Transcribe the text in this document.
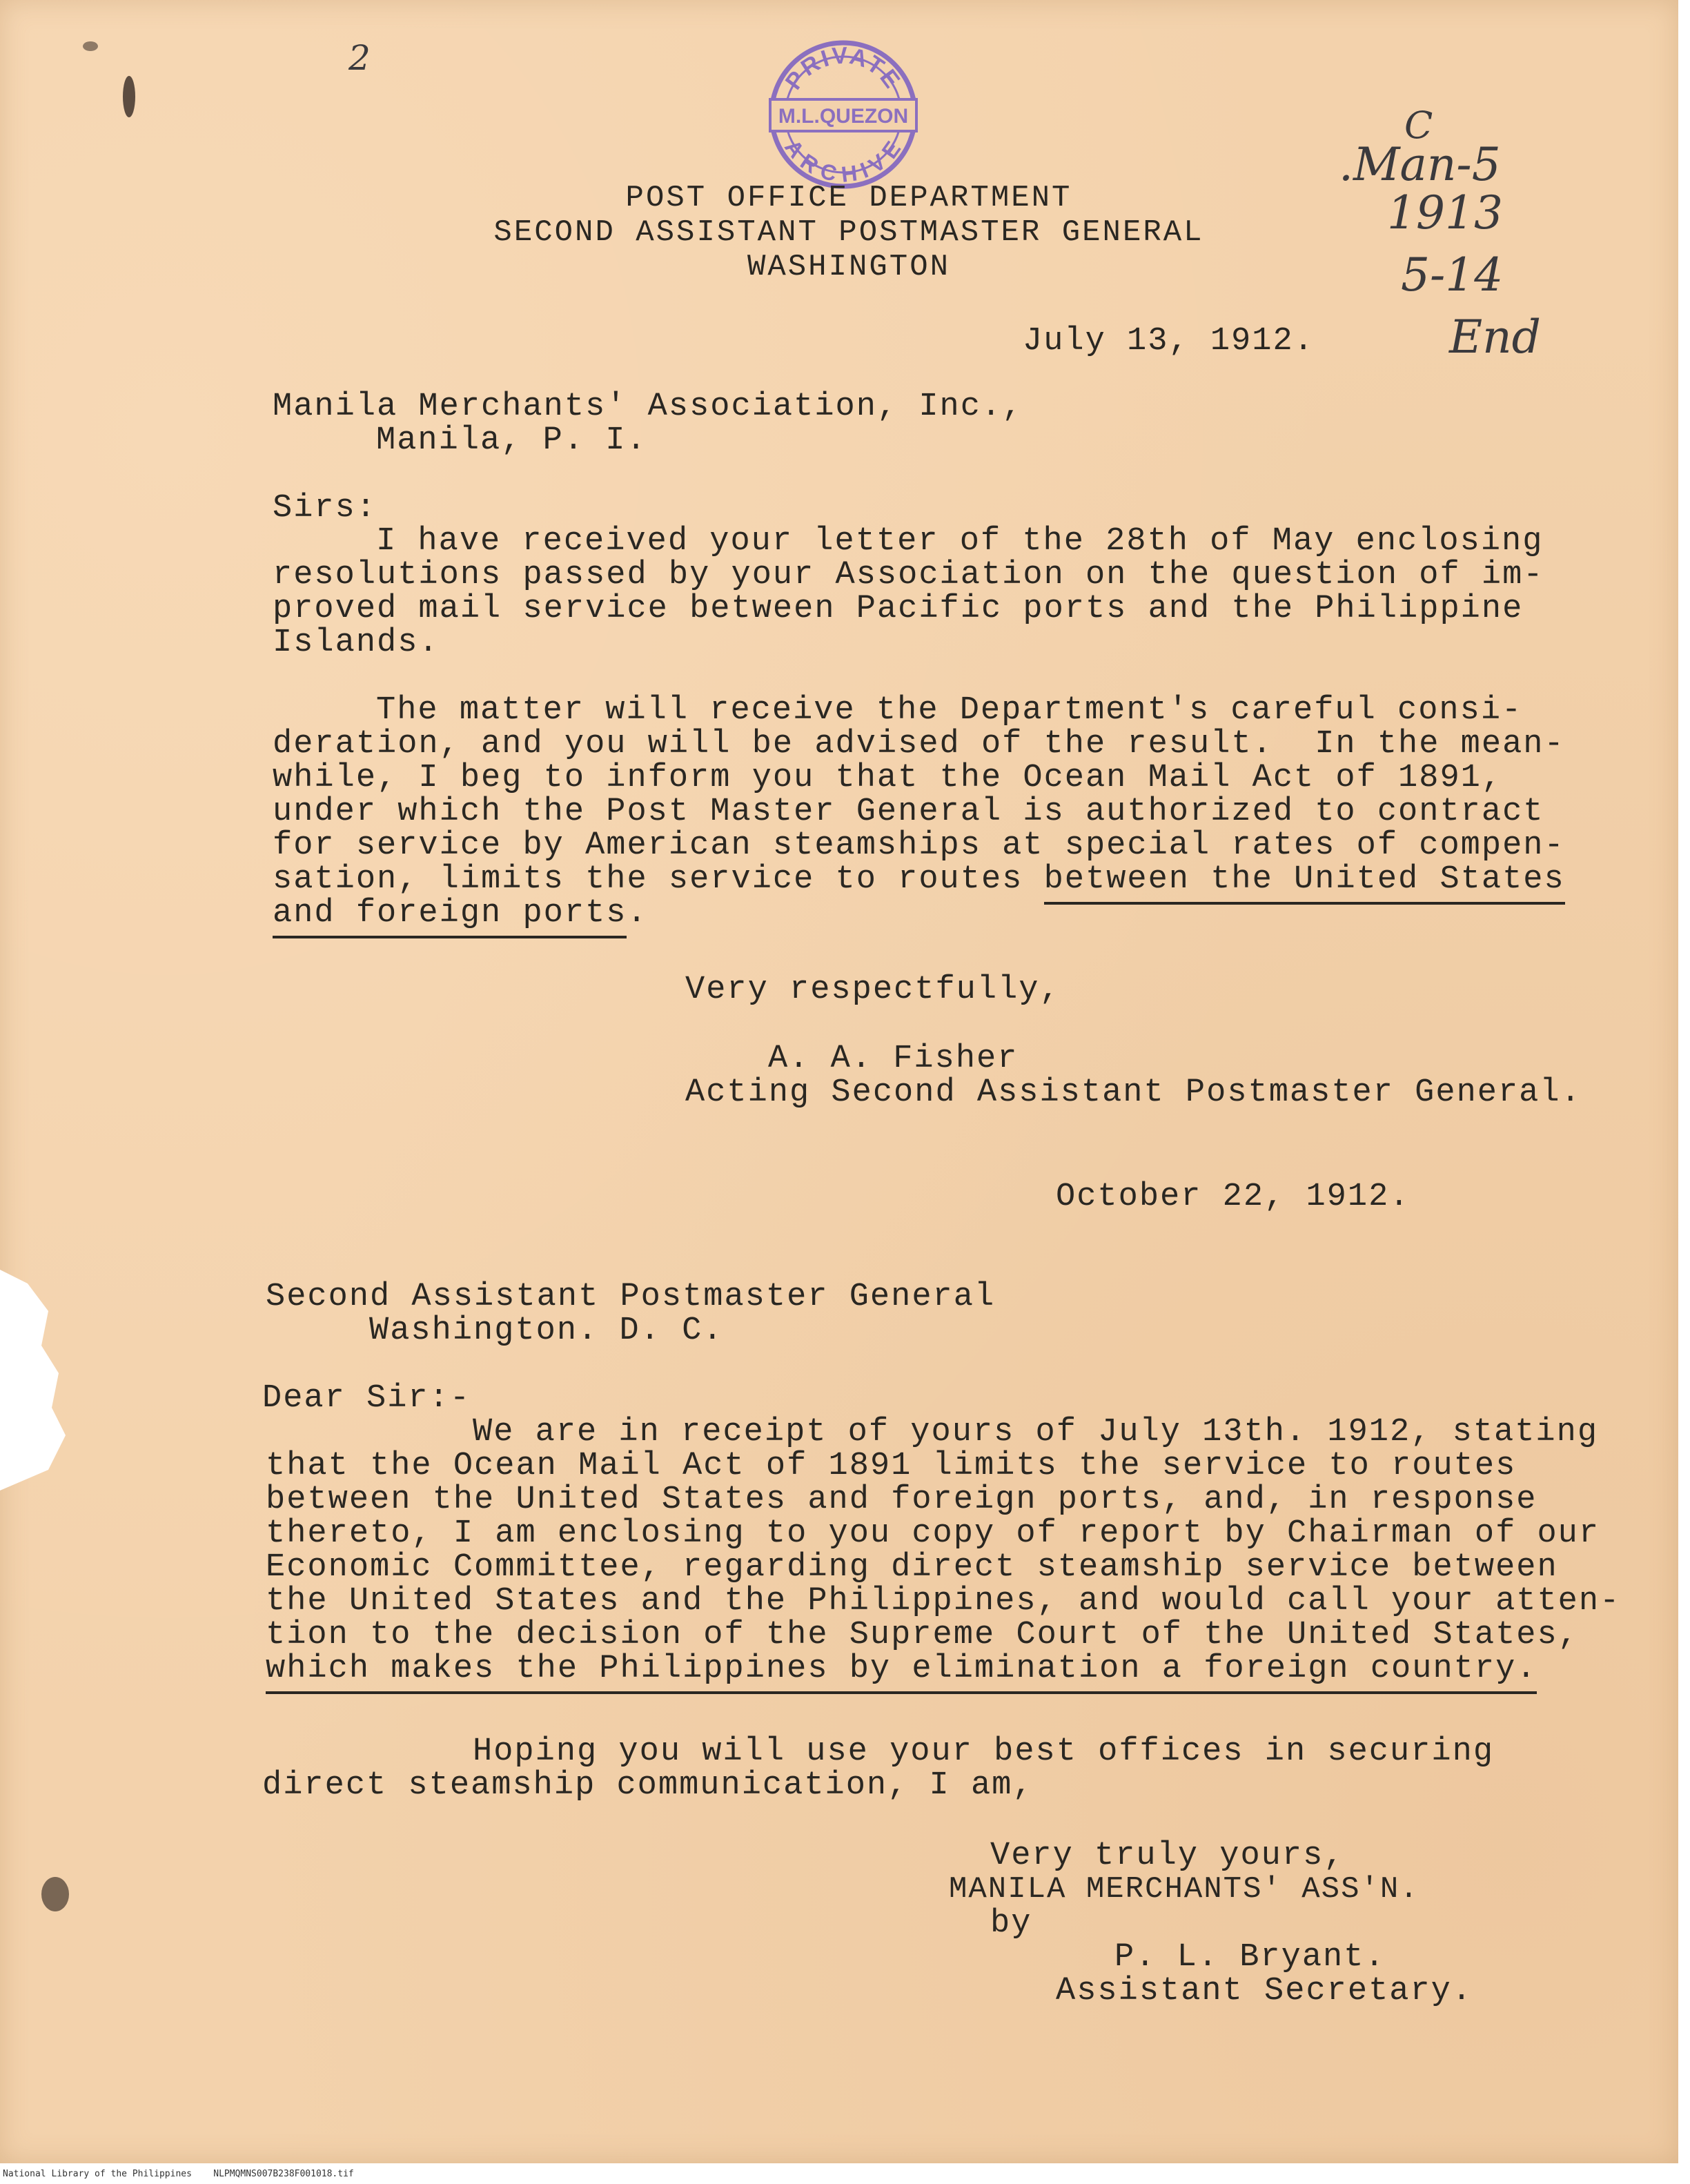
PRIVATE
M.L.QUEZON
ARCHIVE
2
C
.Man-5
1913
5-14
End
POST OFFICE DEPARTMENT
SECOND ASSISTANT POSTMASTER GENERAL
WASHINGTON
July 13, 1912.
Manila Merchants' Association, Inc.,
Manila, P. I.
Sirs:
I have received your letter of the 28th of May enclosing
resolutions passed by your Association on the question of im-
proved mail service between Pacific ports and the Philippine
Islands.
The matter will receive the Department's careful consi-
deration, and you will be advised of the result.  In the mean-
while, I beg to inform you that the Ocean Mail Act of 1891,
under which the Post Master General is authorized to contract
for service by American steamships at special rates of compen-
sation, limits the service to routes between the United States
and foreign ports.
Very respectfully,
A. A. Fisher
Acting Second Assistant Postmaster General.
October 22, 1912.
Second Assistant Postmaster General
Washington. D. C.
Dear Sir:-
We are in receipt of yours of July 13th. 1912, stating
that the Ocean Mail Act of 1891 limits the service to routes
between the United States and foreign ports, and, in response
thereto, I am enclosing to you copy of report by Chairman of our
Economic Committee, regarding direct steamship service between
the United States and the Philippines, and would call your atten-
tion to the decision of the Supreme Court of the United States,
which makes the Philippines by elimination a foreign country.
Hoping you will use your best offices in securing
direct steamship communication, I am,
Very truly yours,
MANILA MERCHANTS' ASS'N.
by
P. L. Bryant.
Assistant Secretary.
National Library of the Philippines NLPMQMNS007B238F001018.tif
